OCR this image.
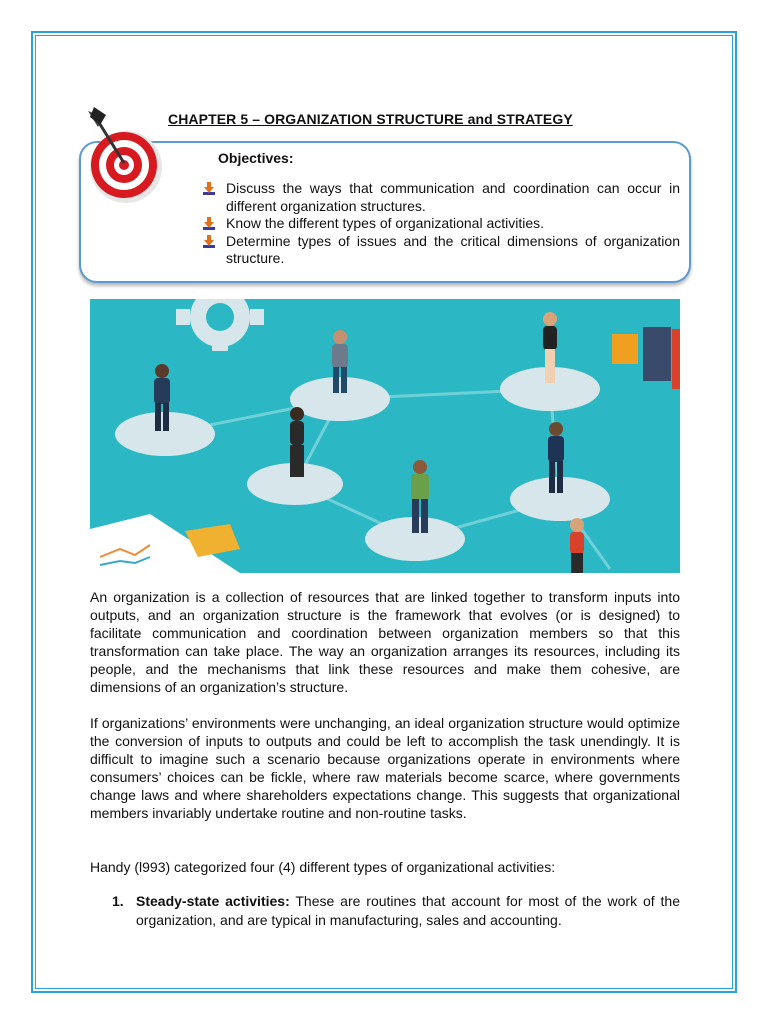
CHAPTER 5 – ORGANIZATION STRUCTURE and STRATEGY
Objectives:
Discuss the ways that communication and coordination can occur in different organization structures.
Know the different types of organizational activities.
Determine types of issues and the critical dimensions of organization structure.

An organization is a collection of resources that are linked together to transform inputs into outputs, and an organization structure is the framework that evolves (or is designed) to facilitate communication and coordination between organization members so that this transformation can take place. The way an organization arranges its resources, including its people, and the mechanisms that link these resources and make them cohesive, are dimensions of an organization’s structure.

If organizations’ environments were unchanging, an ideal organization structure would optimize the conversion of inputs to outputs and could be left to accomplish the task unendingly. It is difficult to imagine such a scenario because organizations operate in environments where consumers’ choices can be fickle, where raw materials become scarce, where governments change laws and where shareholders expectations change. This suggests that organizational members invariably undertake routine and non-routine tasks.

Handy (l993) categorized four (4) different types of organizational activities:

1. Steady-state activities: These are routines that account for most of the work of the organization, and are typical in manufacturing, sales and accounting.
